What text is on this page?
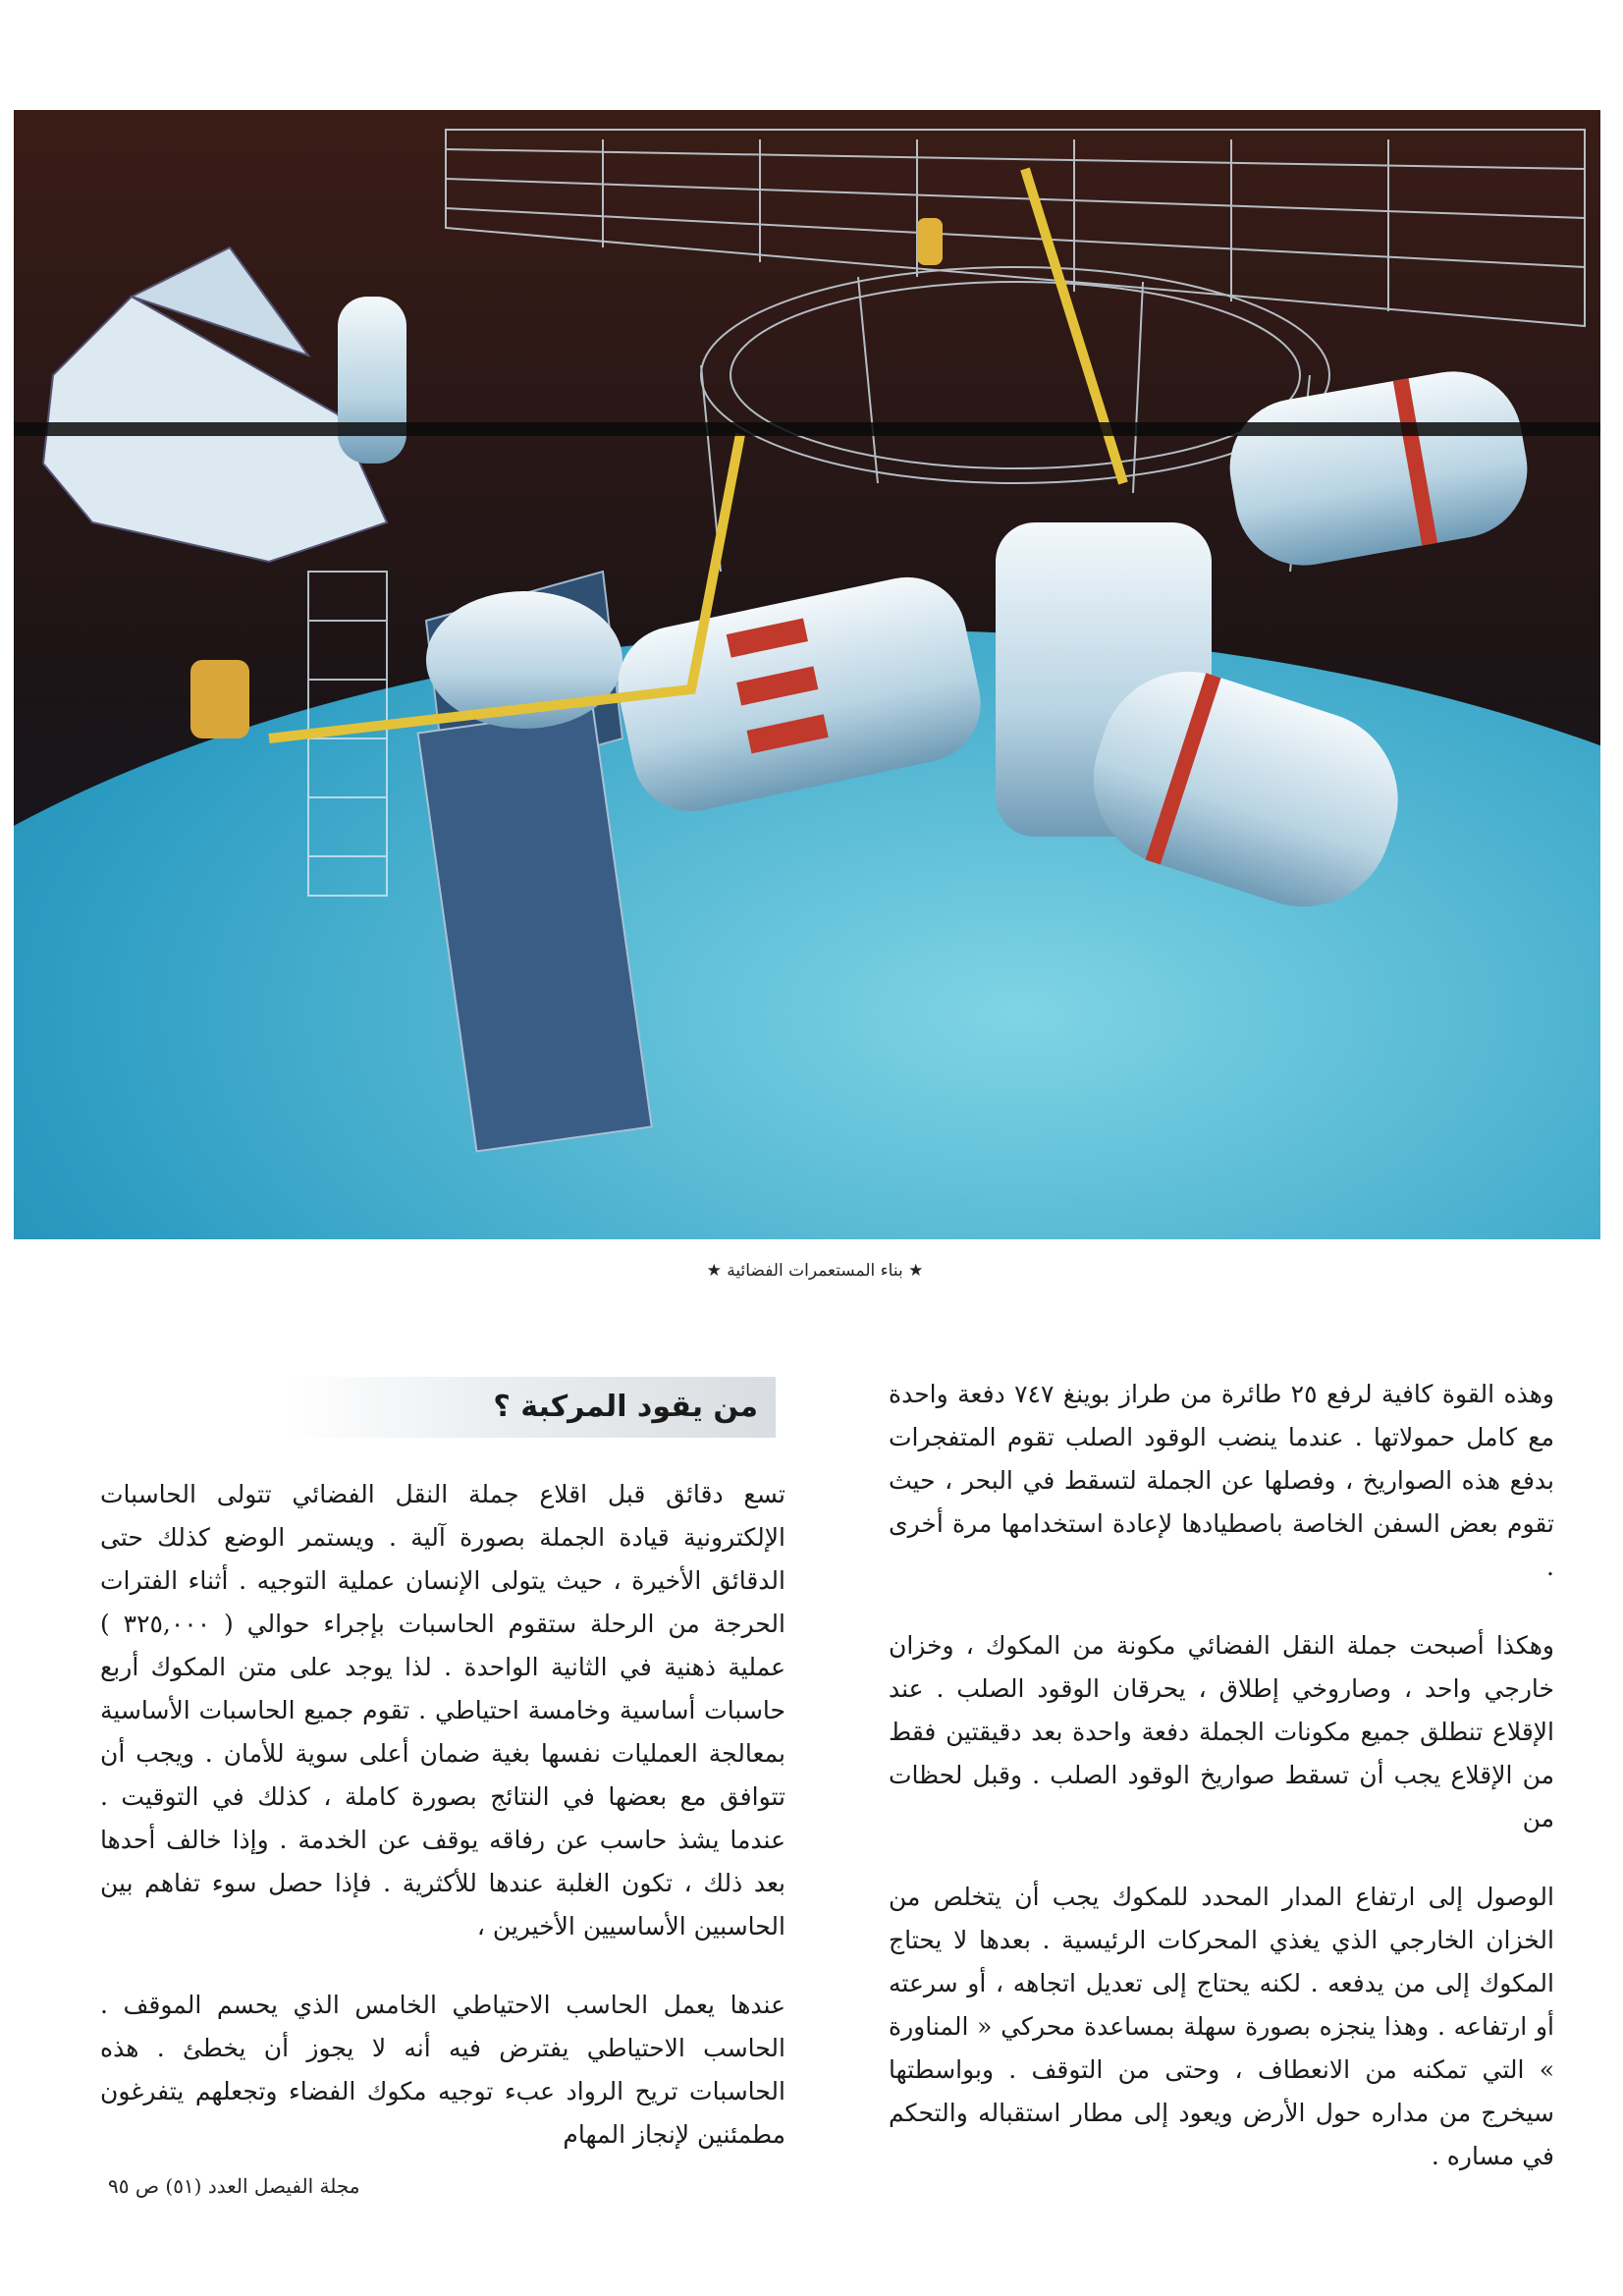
★ بناء المستعمرات الفضائية ★

وهذه القوة كافية لرفع ٢٥ طائرة من طراز بوينغ ٧٤٧ دفعة واحدة مع كامل حمولاتها . عندما ينضب الوقود الصلب تقوم المتفجرات بدفع هذه الصواريخ ، وفصلها عن الجملة لتسقط في البحر ، حيث تقوم بعض السفن الخاصة باصطيادها لإعادة استخدامها مرة أخرى .

وهكذا أصبحت جملة النقل الفضائي مكونة من المكوك ، وخزان خارجي واحد ، وصاروخي إطلاق ، يحرقان الوقود الصلب . عند الإقلاع تنطلق جميع مكونات الجملة دفعة واحدة بعد دقيقتين فقط من الإقلاع يجب أن تسقط صواريخ الوقود الصلب . وقبل لحظات من

الوصول إلى ارتفاع المدار المحدد للمكوك يجب أن يتخلص من الخزان الخارجي الذي يغذي المحركات الرئيسية . بعدها لا يحتاج المكوك إلى من يدفعه . لكنه يحتاج إلى تعديل اتجاهه ، أو سرعته أو ارتفاعه . وهذا ينجزه بصورة سهلة بمساعدة محركي « المناورة » التي تمكنه من الانعطاف ، وحتى من التوقف . وبواسطتها سيخرج من مداره حول الأرض ويعود إلى مطار استقباله والتحكم في مساره .

من يقود المركبة ؟

تسع دقائق قبل اقلاع جملة النقل الفضائي تتولى الحاسبات الإلكترونية قيادة الجملة بصورة آلية . ويستمر الوضع كذلك حتى الدقائق الأخيرة ، حيث يتولى الإنسان عملية التوجيه . أثناء الفترات الحرجة من الرحلة ستقوم الحاسبات بإجراء حوالي ( ٣٢٥,٠٠٠ ) عملية ذهنية في الثانية الواحدة . لذا يوجد على متن المكوك أربع حاسبات أساسية وخامسة احتياطي . تقوم جميع الحاسبات الأساسية بمعالجة العمليات نفسها بغية ضمان أعلى سوية للأمان . ويجب أن تتوافق مع بعضها في النتائج بصورة كاملة ، كذلك في التوقيت . عندما يشذ حاسب عن رفاقه يوقف عن الخدمة . وإذا خالف أحدها بعد ذلك ، تكون الغلبة عندها للأكثرية . فإذا حصل سوء تفاهم بين الحاسبين الأساسيين الأخيرين ،

عندها يعمل الحاسب الاحتياطي الخامس الذي يحسم الموقف . الحاسب الاحتياطي يفترض فيه أنه لا يجوز أن يخطئ . هذه الحاسبات تريح الرواد عبء توجيه مكوك الفضاء وتجعلهم يتفرغون مطمئنين لإنجاز المهام

مجلة الفيصل العدد (٥١) ص ٩٥
